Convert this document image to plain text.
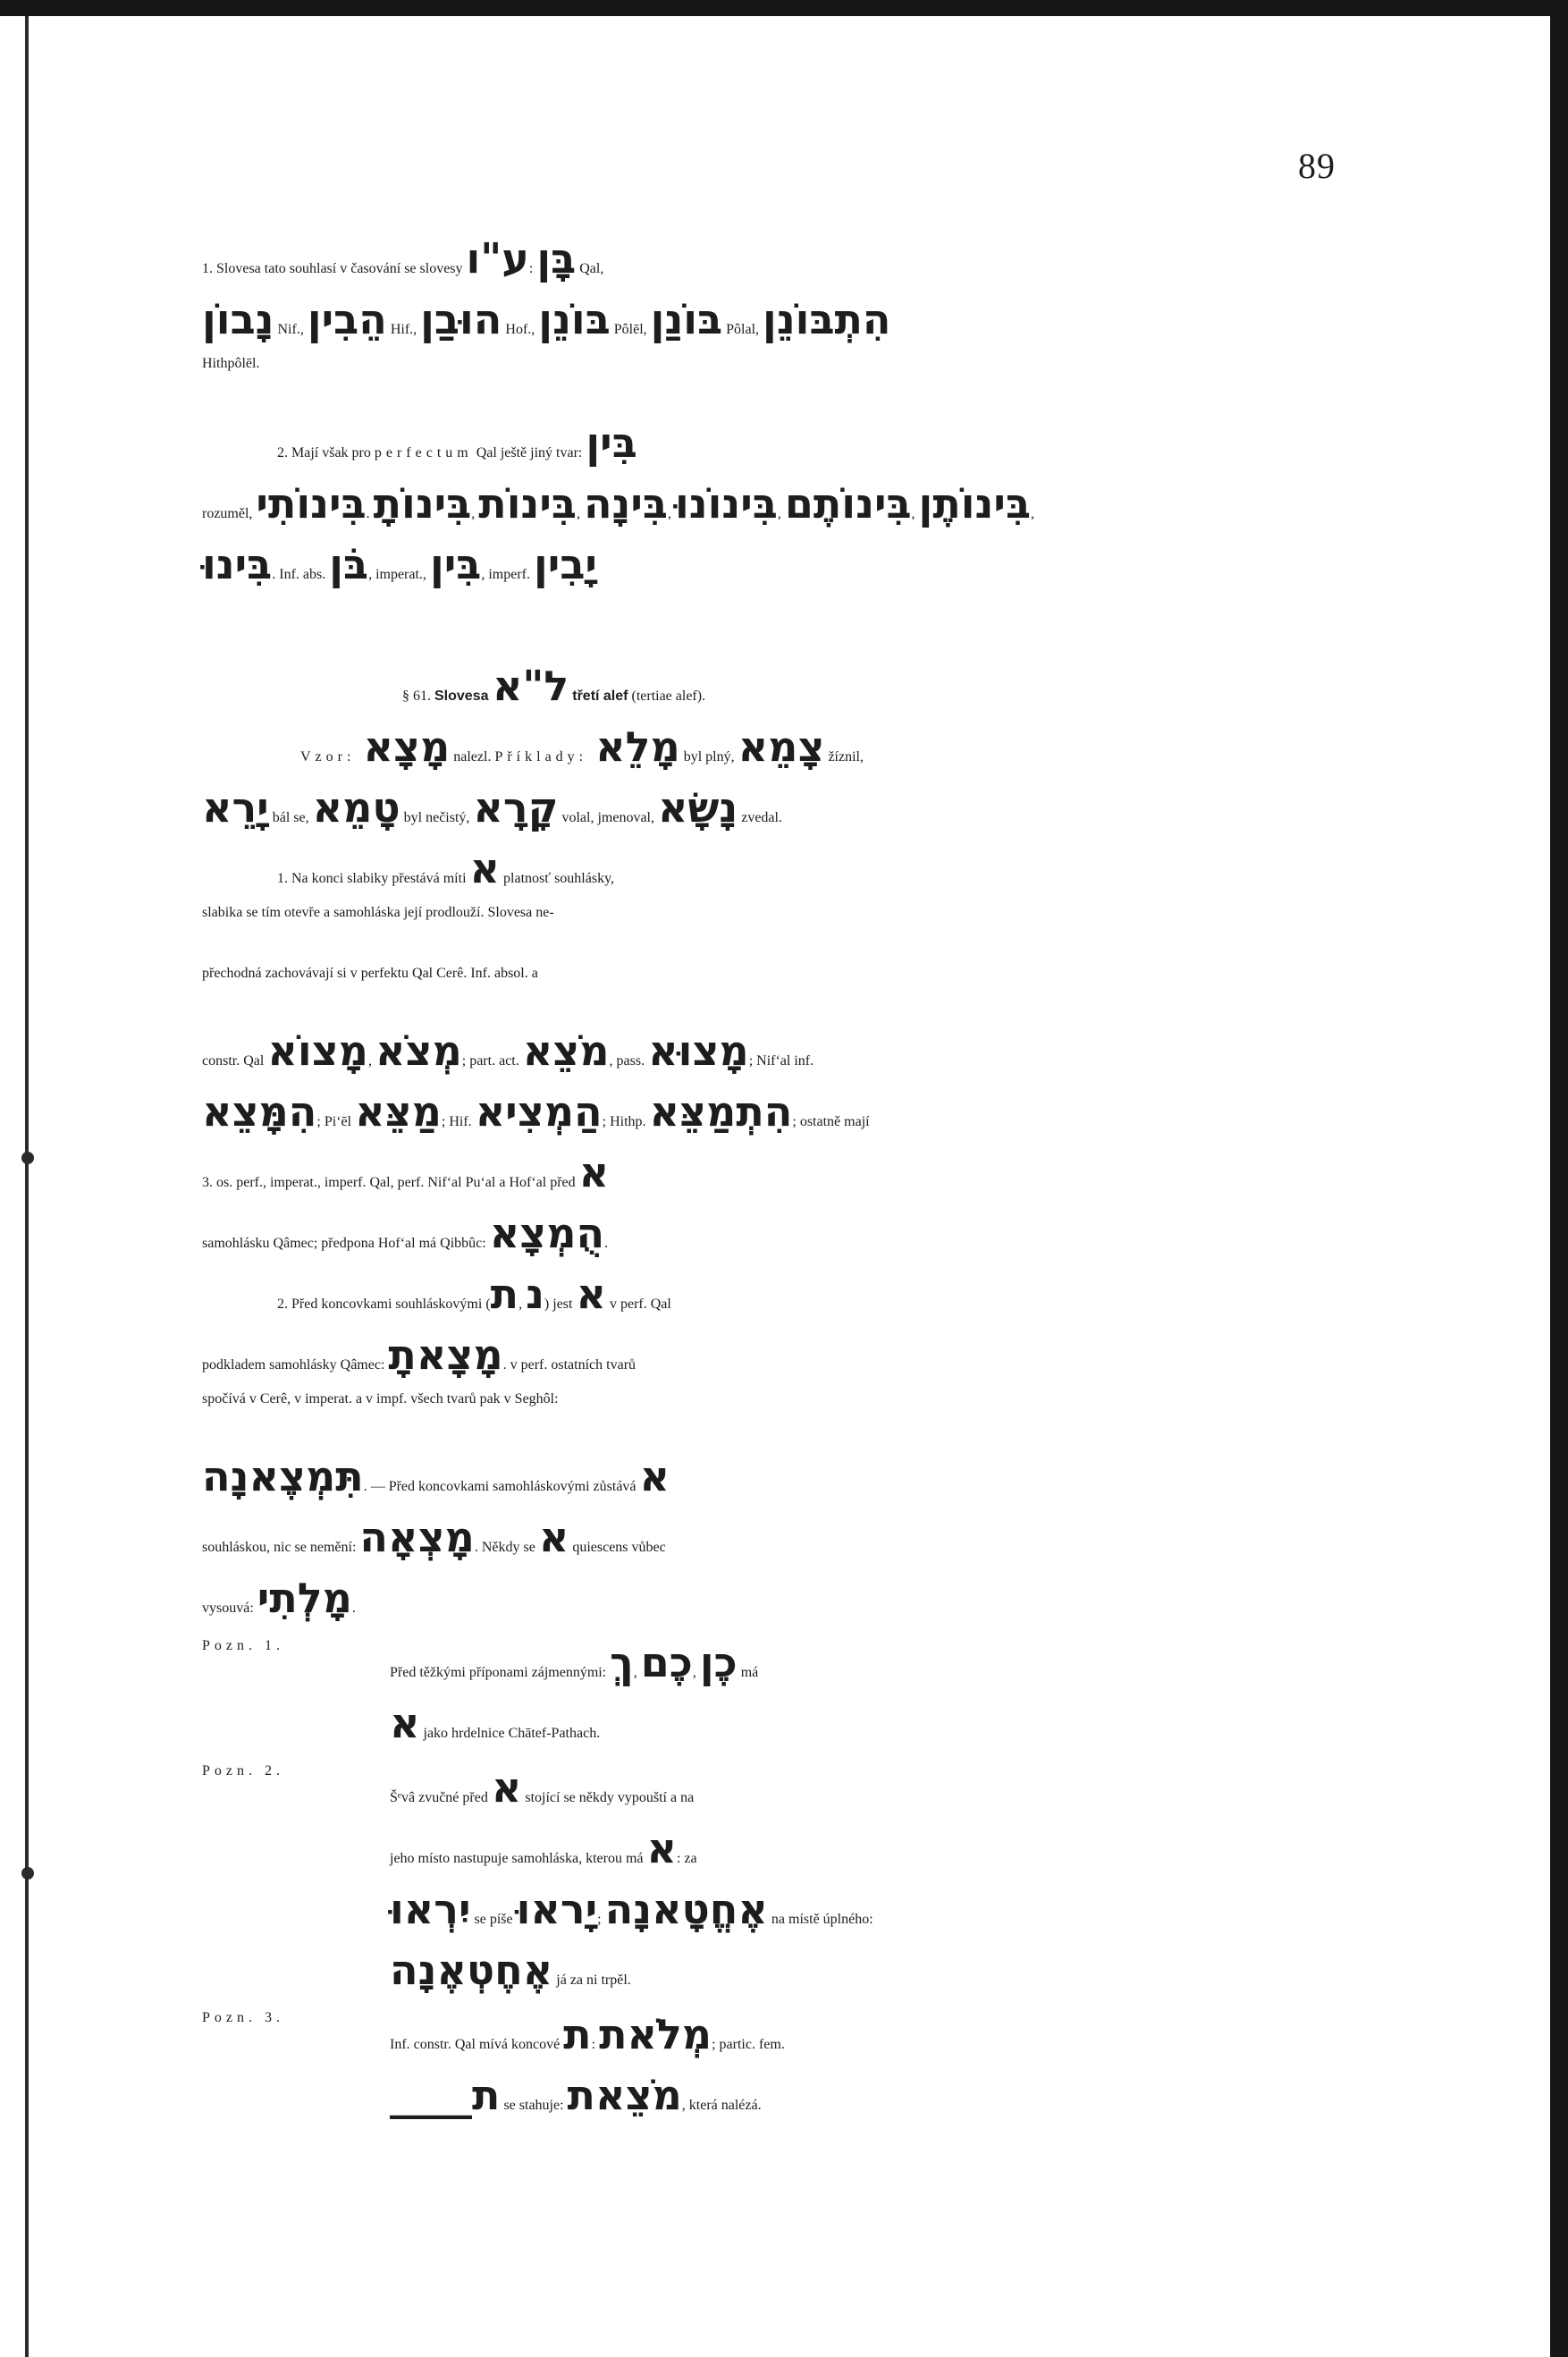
89
1. Slovesa tato souhlasí v časování se slovesy ע"ו: בָּן Qal,
נָבוֹן Nif., הֵבִין Hif., הוּבַן Hof., בּוֹנֵן Pôlēl, בּוֹנַן Pôlal, הִתְבּוֹנֵן
Hithpôlēl.
2. Mají však pro perfectum Qal ještě jiný tvar: בִּין
rozuměl, בִּינוֹתִי. בִּינוֹתָ, בִּינוֹת, בִּינָה, בִּינוֹנוּ, בִּינוֹתֶם, בִּינוֹתֶן,
בִּינוּ. Inf. abs. בֹּן, imperat., בִּין, imperf. יָבִין
§ 61. Slovesa ל"א třetí alef (tertiae alef).
Vzor: מָצָא nalezl. Příklady: מָלֵא byl plný, צָמֵא žíznil,
יָרֵא bál se, טָמֵא byl nečistý, קָרָא volal, jmenoval, נָשָׂא zvedal.
1. Na konci slabiky přestává míti א platnosť souhlásky,
slabika se tím otevře a samohláska její prodlouží. Slovesa ne-
přechodná zachovávají si v perfektu Qal Cerê. Inf. absol. a
constr. Qal מָצוֹא, מְצֹא; part. act. מֹצֵא, pass. מָצוּא; Nifʻal inf.
הִמָּצֵא; Piʻēl מַצֵּא; Hif. הַמְצִיא; Hithp. הִתְמַצֵּא; ostatně mají
3. os. perf., imperat., imperf. Qal, perf. Nifʻal Puʻal a Hofʻal před א
samohlásku Qâmec; předpona Hofʻal má Qibbûc: הֻמְצָא.
2. Před koncovkami souhláskovými (ת, נ) jest א v perf. Qal
podkladem samohlásky Qâmec: מָצָאתָ. v perf. ostatních tvarů
spočívá v Cerê, v imperat. a v impf. všech tvarů pak v Seghôl:
תִּמְצֶאנָה. — Před koncovkami samohláskovými zůstává א
souhláskou, nic se nemění: מָצְאָה. Někdy se א quiescens vůbec
vysouvá: מָלְתִי.
Pozn. 1.
Před těžkými příponami zájmennými: ךְ, כֶם, כֶן má
א jako hrdelnice Chātef-Pathach.
Pozn. 2.
Šᵉvâ zvučné před א stojící se někdy vypouští a na
jeho místo nastupuje samohláska, kterou má א: za
יִרְאוּ se píše יָראוּ; אֶחֱטָאנָה na místě úplného:
אֶחֶטְאֶנָה já za ni trpěl.
Pozn. 3.
Inf. constr. Qal mívá koncové ת: מְלֹאת; partic. fem.
ת____ se stahuje: מֹצֵאת, která nalézá.
